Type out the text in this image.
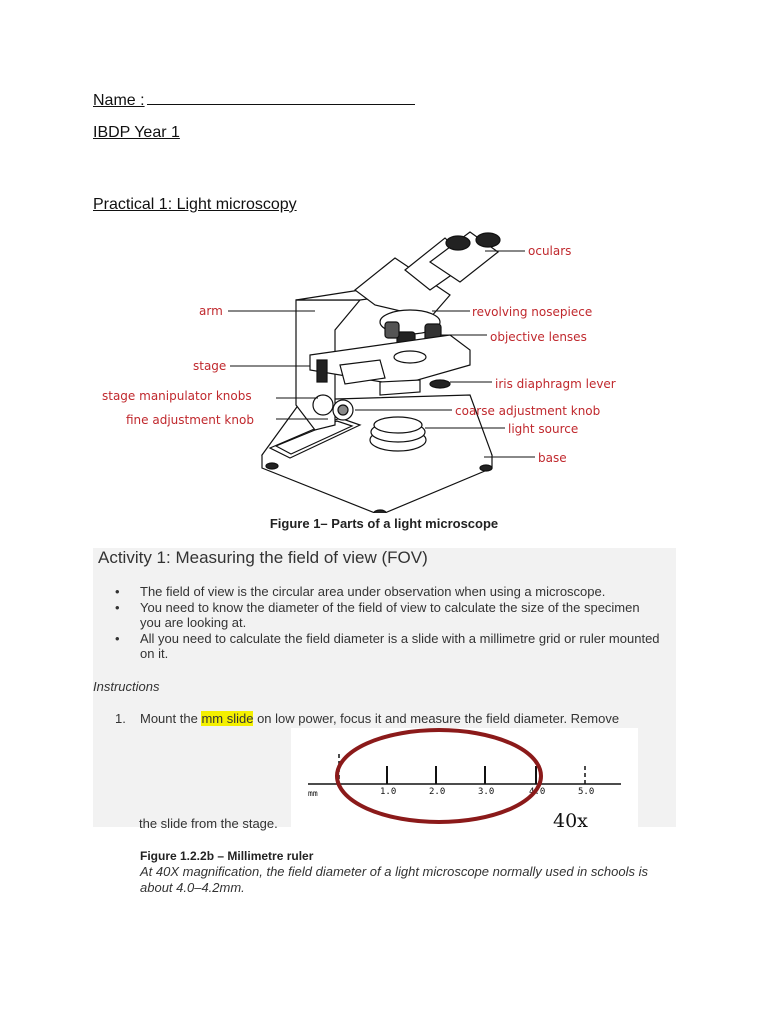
Name :
IBDP Year 1
Practical 1: Light microscopy
oculars
arm	revolving nosepiece
objective lenses
stage
iris diaphragm lever
stage manipulator knobs
coarse adjustment knob
fine adjustment knob
light source
base
Figure 1– Parts of a light microscope
Activity 1: Measuring the field of view (FOV)
• The field of view is the circular area under observation when using a microscope.
• You need to know the diameter of the field of view to calculate the size of the specimen you are looking at.
• All you need to calculate the field diameter is a slide with a millimetre grid or ruler mounted on it.
Instructions
1. Mount the mm slide on low power, focus it and measure the field diameter. Remove
the slide from the stage.
mm	1.0	2.0	3.0	4.0	5.0
40x
Figure 1.2.2b – Millimetre ruler
At 40X magnification, the field diameter of a light microscope normally used in schools is about 4.0–4.2mm.
